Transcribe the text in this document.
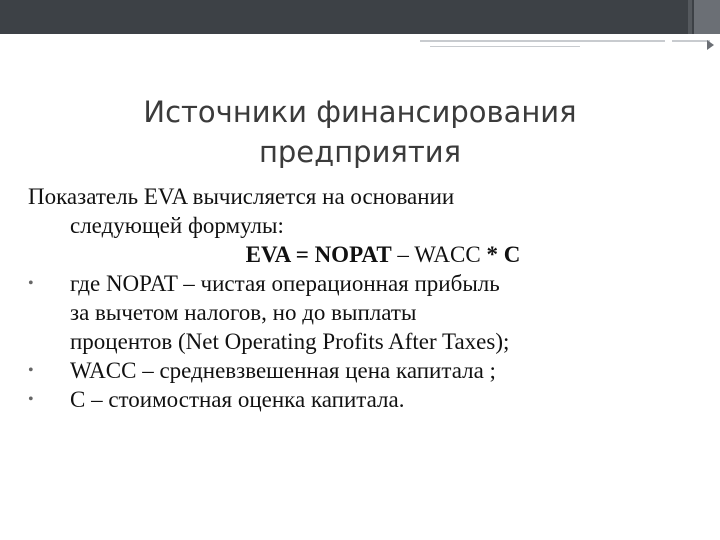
Источники финансирования
предприятия

Показатель EVA вычисляется на основании
следующей формулы:
EVA = NOPAT – WACC * C

•	где NOPAT – чистая операционная прибыль
за вычетом налогов, но до выплаты
процентов (Net Operating Profits After Taxes);
• WACC – средневзвешенная цена капитала ;
• C – стоимостная оценка капитала.
